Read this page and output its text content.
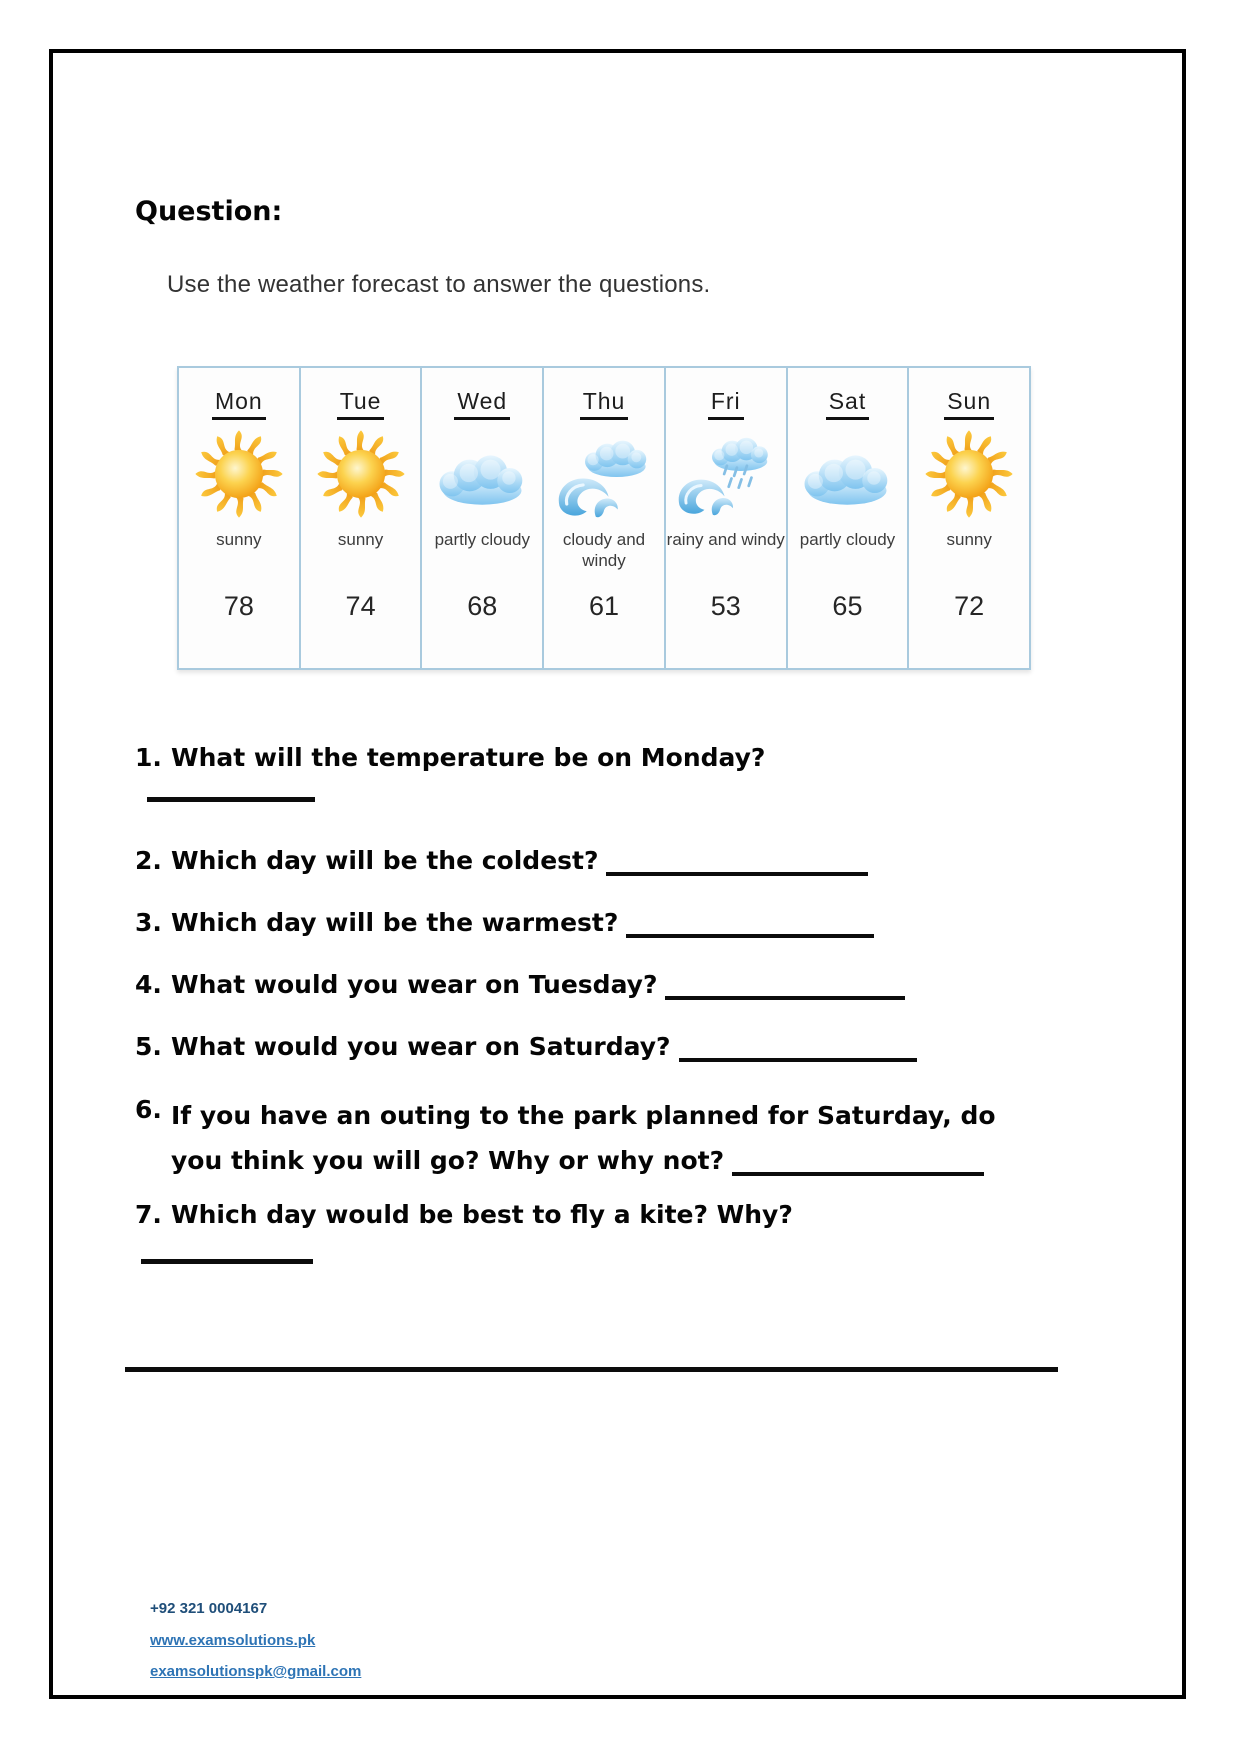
Question:
Use the weather forecast to answer the questions.
Mon
sunny
78
Tue
sunny
74
Wed
partly cloudy
68
Thu
cloudy and windy
61
Fri
rainy and windy
53
Sat
partly cloudy
65
Sun
sunny
72
1. What will the temperature be on Monday?
2. Which day will be the coldest?
3. Which day will be the warmest?
4. What would you wear on Tuesday?
5. What would you wear on Saturday?
6. If you have an outing to the park planned for Saturday, do you think you will go? Why or why not?
7. Which day would be best to fly a kite? Why?
+92 321 0004167
www.examsolutions.pk
examsolutionspk@gmail.com
